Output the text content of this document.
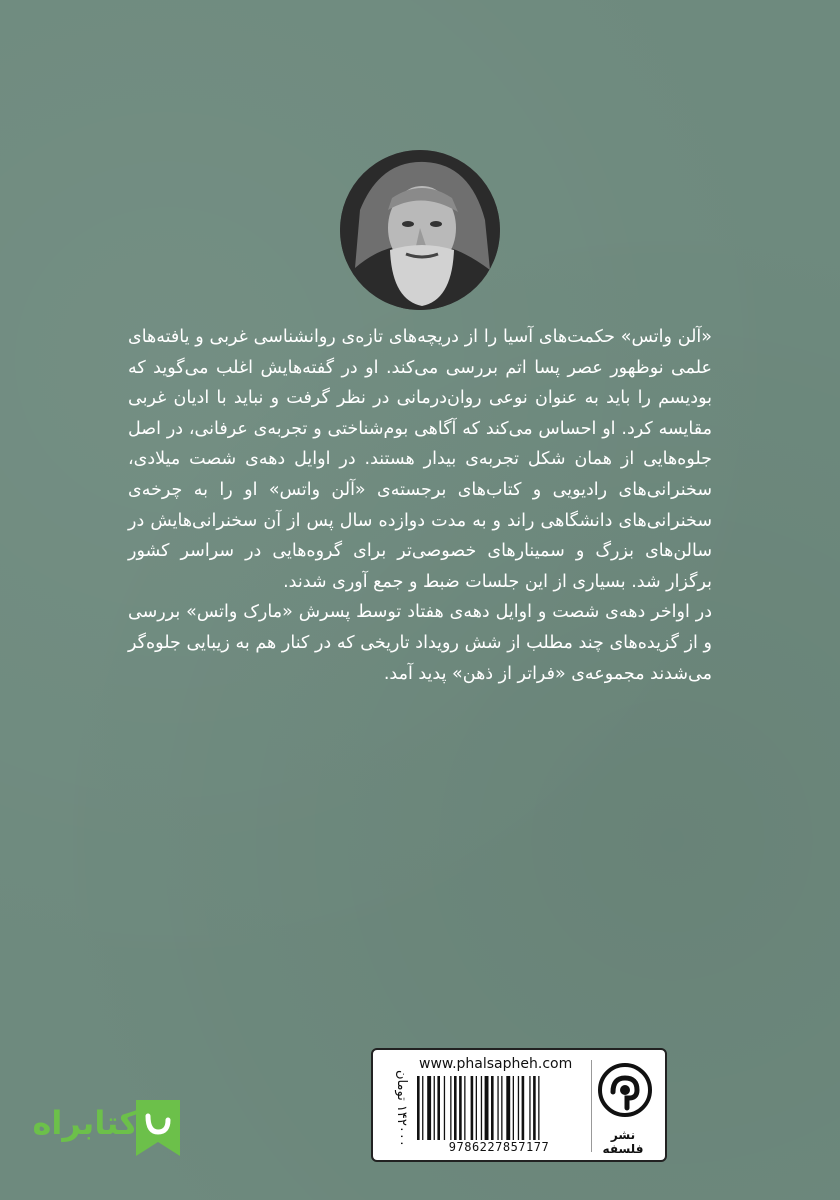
«آلن واتس» حکمت‌های آسیا را از دریچه‌های تازه‌ی روانشناسی غربی و یافته‌های علمی نوظهور عصر پسا اتم بررسی می‌کند. او در گفته‌هایش اغلب می‌گوید که بودیسم را باید به عنوان نوعی روان‌درمانی در نظر گرفت و نباید با ادیان غربی مقایسه کرد. او احساس می‌کند که آگاهی بوم‌شناختی و تجربه‌ی عرفانی، در اصل جلوه‌هایی از همان شکل تجربه‌ی بیدار هستند. در اوایل دهه‌ی شصت میلادی، سخنرانی‌های رادیویی و کتاب‌های برجسته‌ی «آلن واتس» او را به چرخه‌ی سخنرانی‌های دانشگاهی راند و به مدت دوازده سال پس از آن سخنرانی‌هایش در سالن‌های بزرگ و سمینارهای خصوصی‌تر برای گروه‌هایی در سراسر کشور برگزار شد. بسیاری از این جلسات ضبط و جمع آوری شدند.

در اواخر دهه‌ی شصت و اوایل دهه‌ی هفتاد توسط پسرش «مارک واتس» بررسی و از گزیده‌های چند مطلب از شش رویداد تاریخی که در کنار هم به زیبایی جلوه‌گر می‌شدند مجموعه‌ی «فراتر از ذهن» پدید آمد.

نشر فلسفه
www.phalsapheh.com
9786227857177
۱۴۲۰۰۰ تومان
کتابراه
